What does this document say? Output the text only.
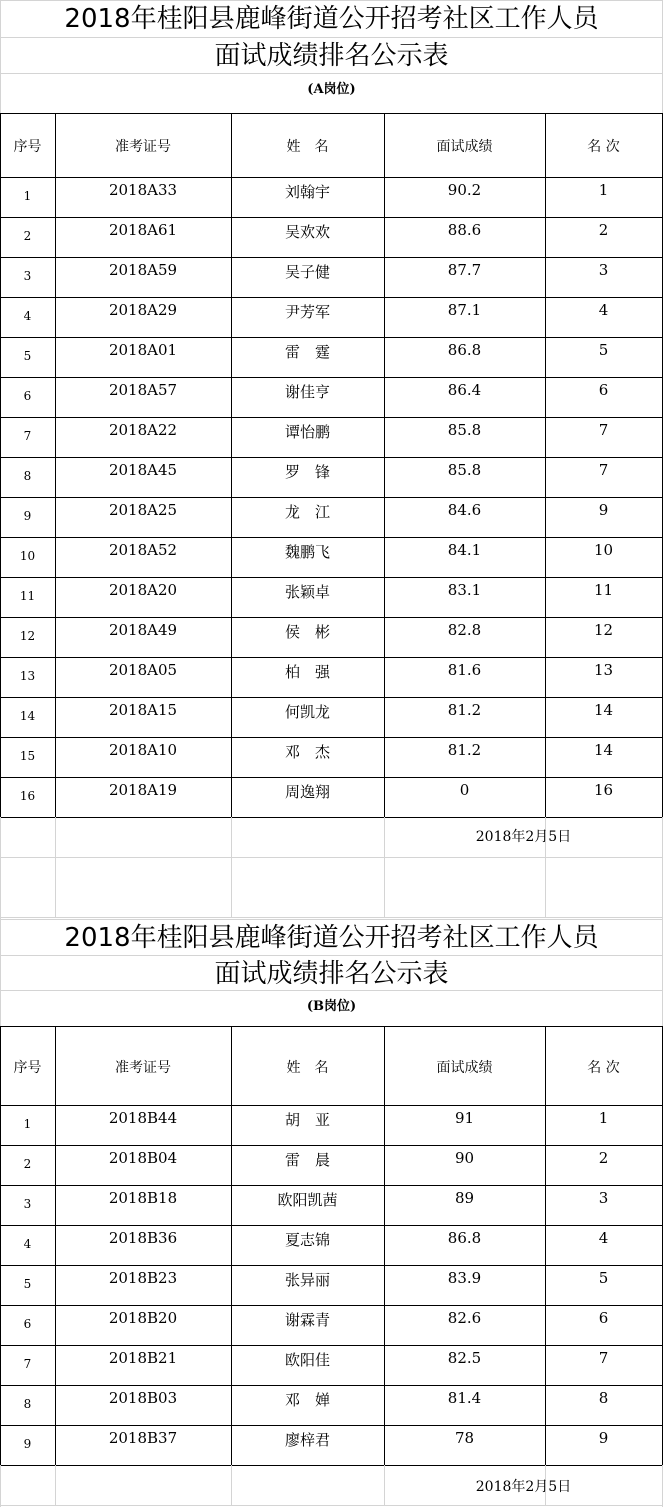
2018年桂阳县鹿峰街道公开招考社区工作人员
面试成绩排名公示表
(A岗位)
序号	准考证号	姓　名	面试成绩	名 次
1	2018A33	刘翰宇	90.2	1
2	2018A61	吴欢欢	88.6	2
3	2018A59	吴子健	87.7	3
4	2018A29	尹芳军	87.1	4
5	2018A01	雷　霆	86.8	5
6	2018A57	谢佳亨	86.4	6
7	2018A22	谭怡鹏	85.8	7
8	2018A45	罗　锋	85.8	7
9	2018A25	龙　江	84.6	9
10	2018A52	魏鹏飞	84.1	10
11	2018A20	张颖卓	83.1	11
12	2018A49	侯　彬	82.8	12
13	2018A05	柏　强	81.6	13
14	2018A15	何凯龙	81.2	14
15	2018A10	邓　杰	81.2	14
16	2018A19	周逸翔	0	16
2018年2月5日
2018年桂阳县鹿峰街道公开招考社区工作人员
面试成绩排名公示表
(B岗位)
序号	准考证号	姓　名	面试成绩	名 次
1	2018B44	胡　亚	91	1
2	2018B04	雷　晨	90	2
3	2018B18	欧阳凯茜	89	3
4	2018B36	夏志锦	86.8	4
5	2018B23	张异丽	83.9	5
6	2018B20	谢霖青	82.6	6
7	2018B21	欧阳佳	82.5	7
8	2018B03	邓　婵	81.4	8
9	2018B37	廖梓君	78	9
2018年2月5日
